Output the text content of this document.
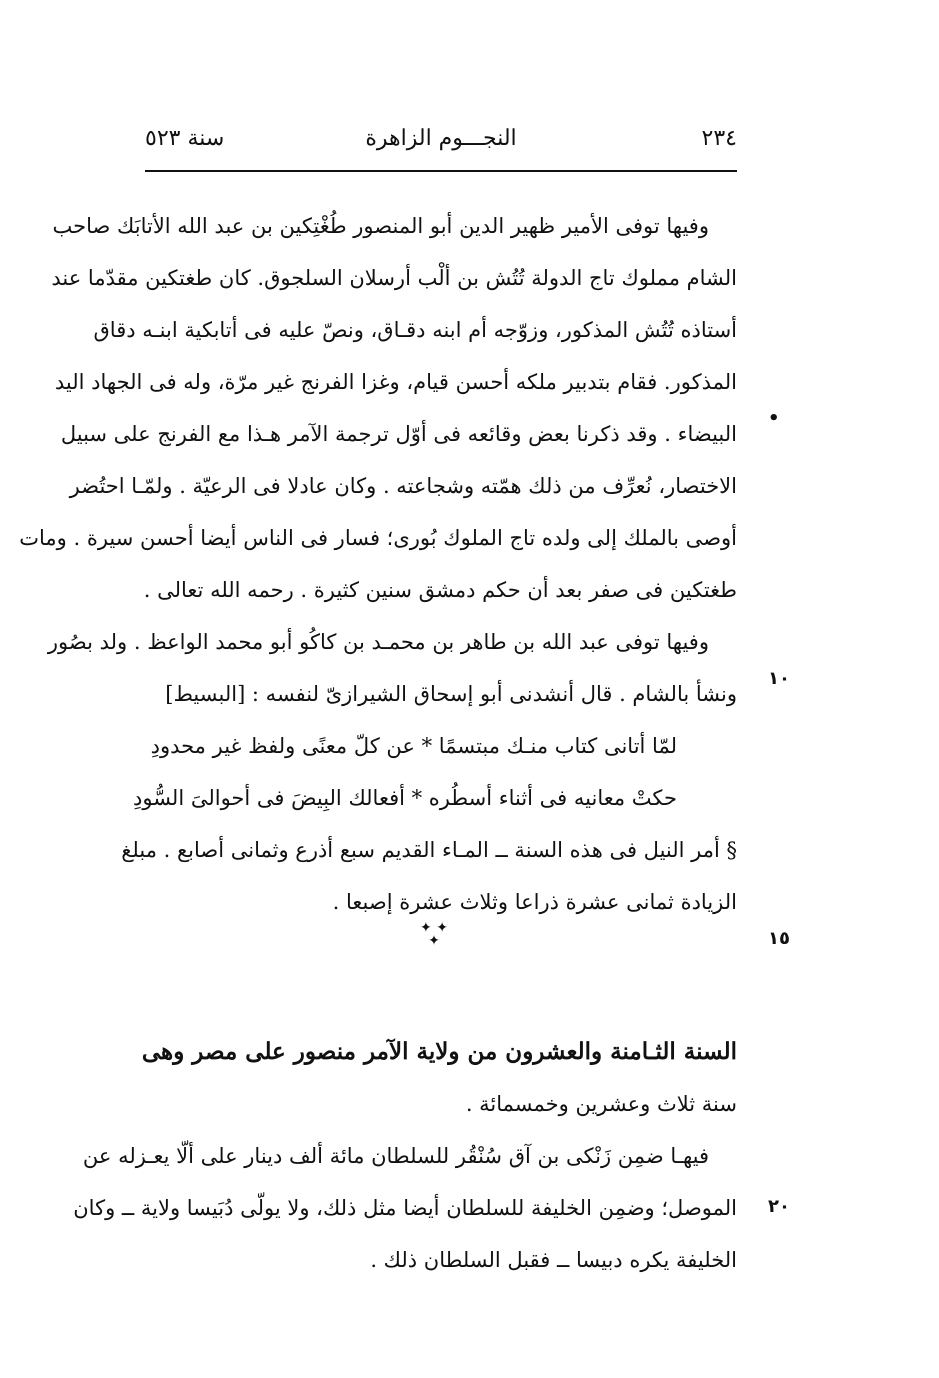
٢٣٤
النجـــوم الزاهرة
سنة ٥٢٣
•
١٠
١٥
٢٠
✦ ✦ ✦
وفيها توفى الأمير ظهير الدين أبو المنصور طُغْتِكين بن عبد الله الأتابَك صاحب
الشام مملوك تاج الدولة تُتُش بن ألْب أرسلان السلجوق. كان طغتكين مقدّما عند
أستاذه تُتُش المذكور، وزوّجه أم ابنه دقـاق، ونصّ عليه فى أتابكية ابنـه دقاق
المذكور. فقام بتدبير ملكه أحسن قيام، وغزا الفرنج غير مرّة، وله فى الجهاد اليد
البيضاء . وقد ذكرنا بعض وقائعه فى أوّل ترجمة الآمر هـذا مع الفرنج على سبيل
الاختصار، نُعرِّف من ذلك همّته وشجاعته . وكان عادلا فى الرعيّة . ولمّـا احتُضر
أوصى بالملك إلى ولده تاج الملوك بُورى؛ فسار فى الناس أيضا أحسن سيرة . ومات
طغتكين فى صفر بعد أن حكم دمشق سنين كثيرة . رحمه الله تعالى .
وفيها توفى عبد الله بن طاهر بن محمـد بن كاكُو أبو محمد الواعظ . ولد بصُور
ونشأ بالشام . قال أنشدنى أبو إسحاق الشيرازىّ لنفسه : [البسيط]
لمّا أتانى كتاب منـك مبتسمًا * عن كلّ معنًى ولفظ غير محدودِ
حكتْ معانيه فى أثناء أسطُره * أفعالك البِيضَ فى أحوالىَ السُّودِ
§ أمر النيل فى هذه السنة ــ المـاء القديم سبع أذرع وثمانى أصابع . مبلغ
الزيادة ثمانى عشرة ذراعا وثلاث عشرة إصبعا .
السنة الثـامنة والعشرون من ولاية الآمر منصور على مصر وهى
سنة ثلاث وعشرين وخمسمائة .
فيهـا ضمِن زَنْكى بن آق سُنْقُر للسلطان مائة ألف دينار على ألّا يعـزله عن
الموصل؛ وضمِن الخليفة للسلطان أيضا مثل ذلك، ولا يولّى دُبَيسا ولاية ــ وكان
الخليفة يكره دبيسا ــ فقبل السلطان ذلك .
